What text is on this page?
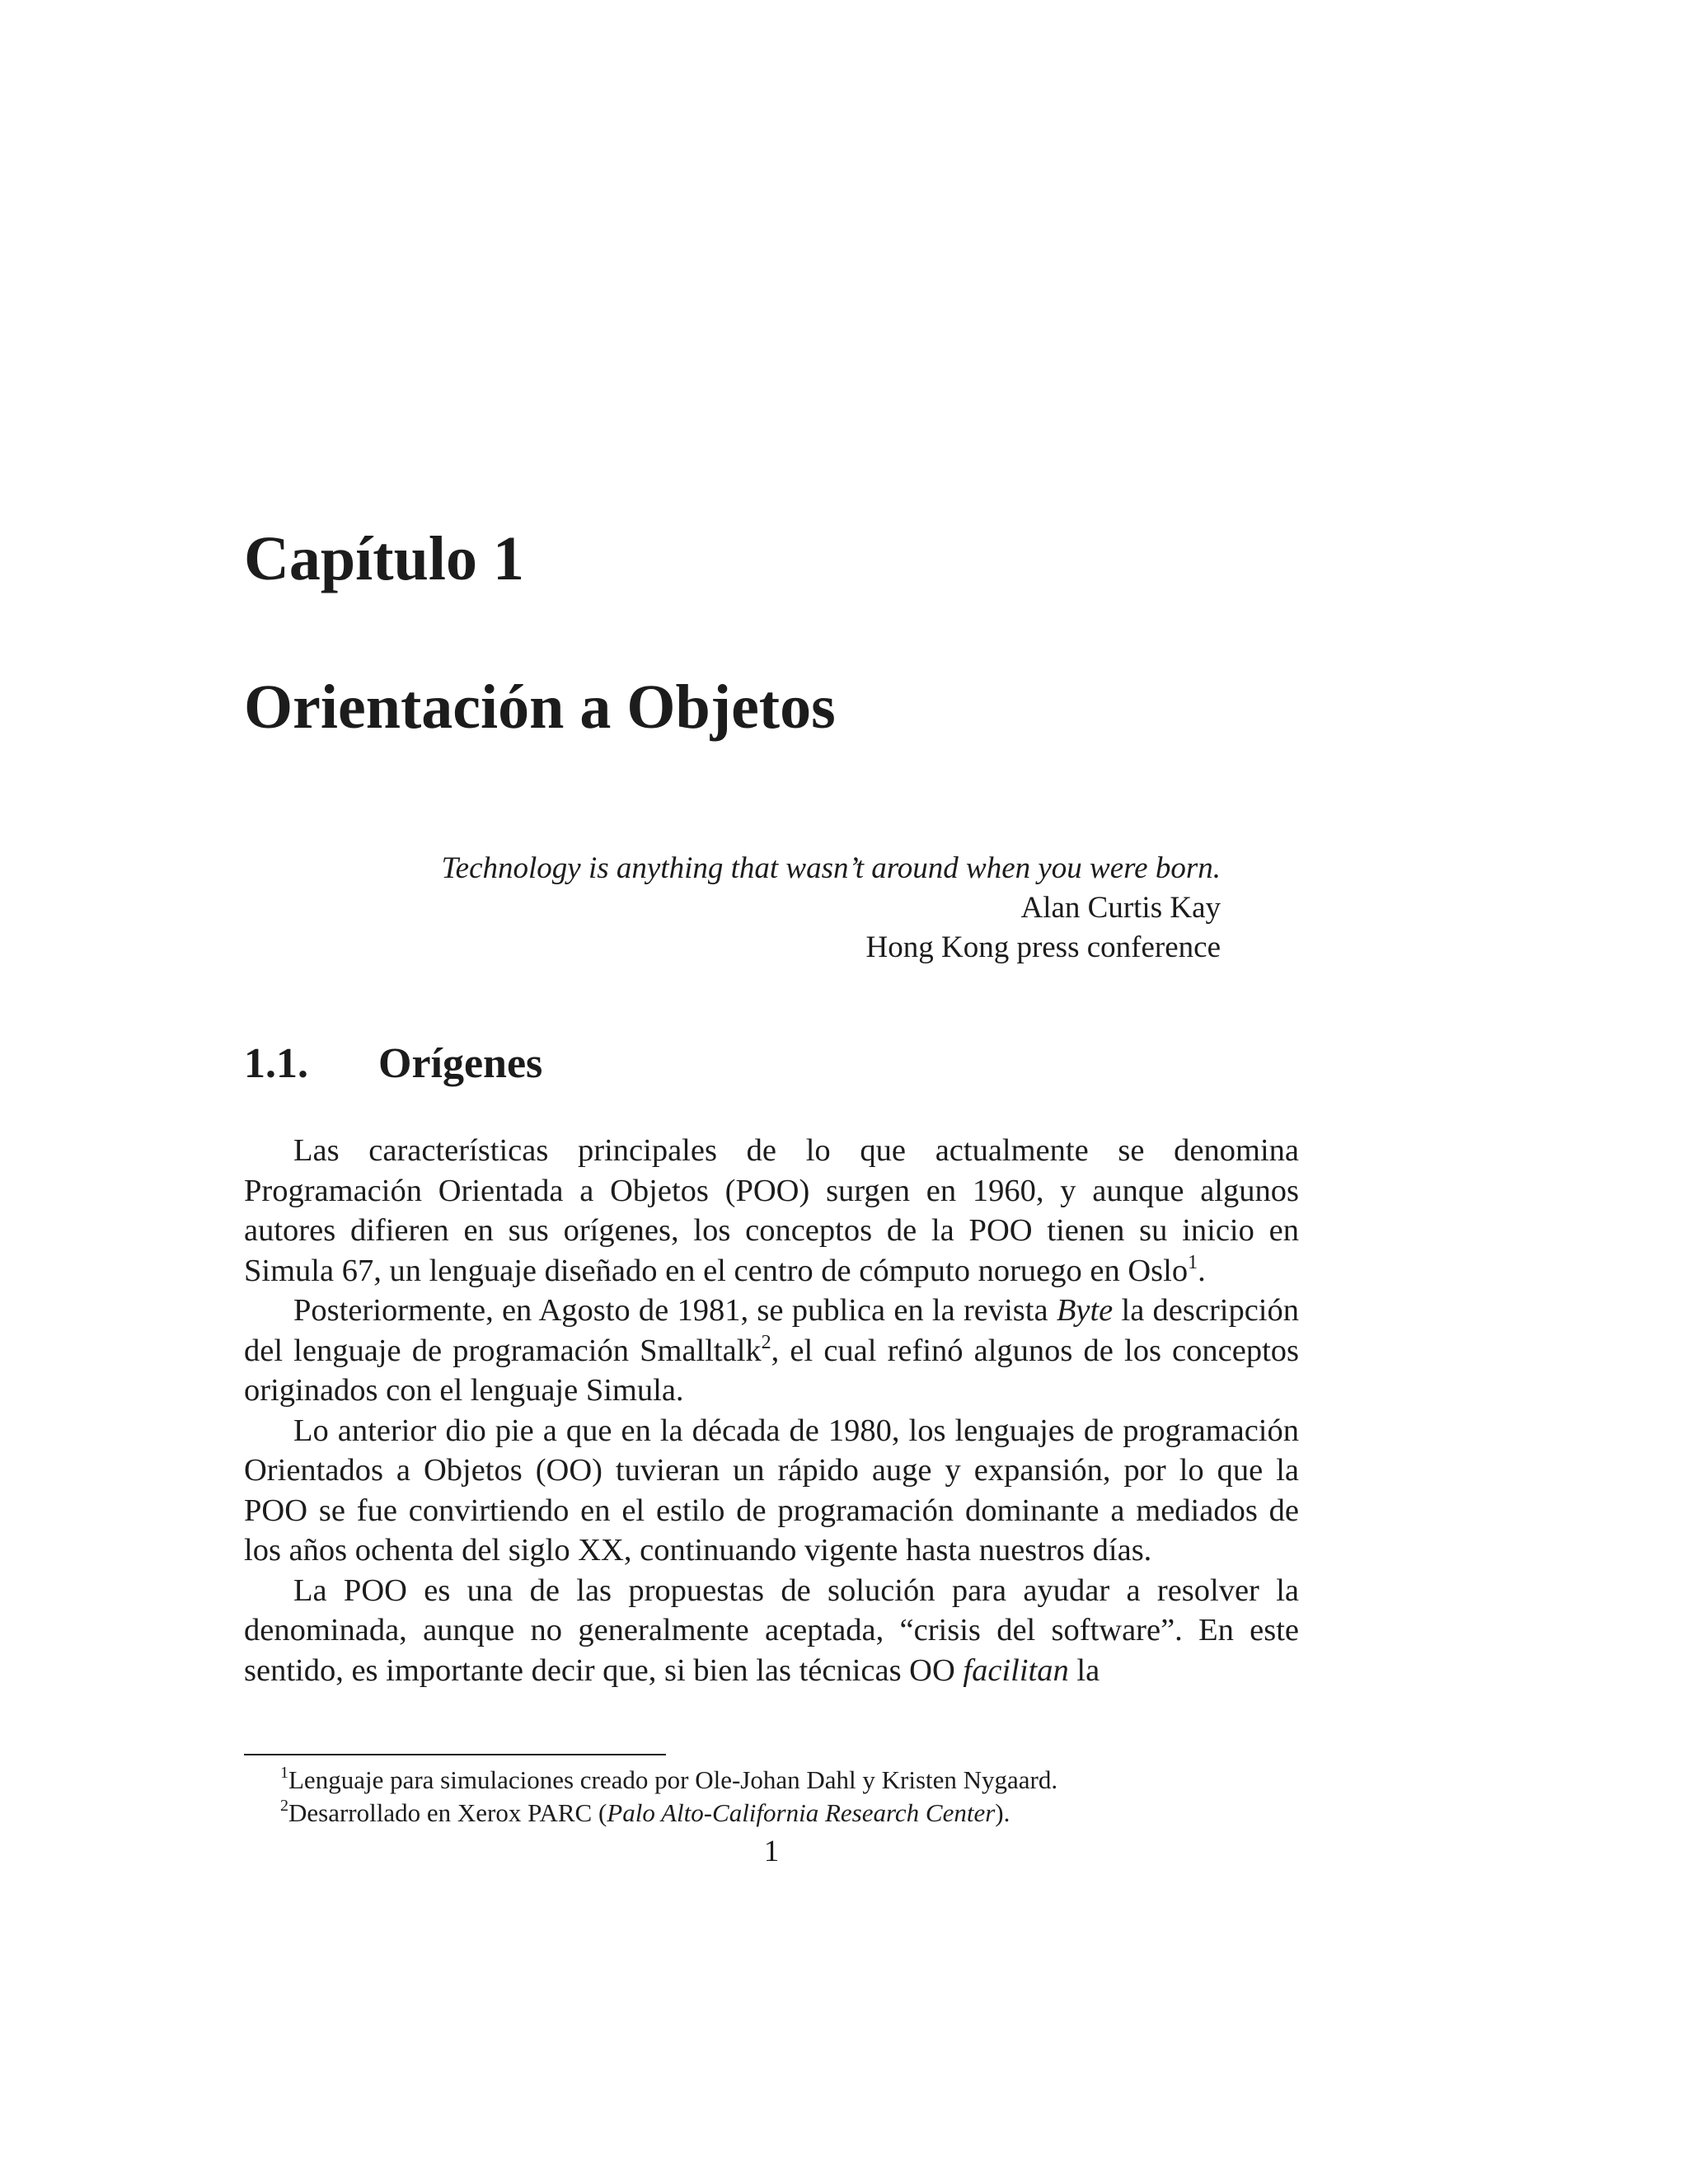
Capítulo 1
Orientación a Objetos
Technology is anything that wasn’t around when you were born.
Alan Curtis Kay
Hong Kong press conference
1.1. Orígenes

Las características principales de lo que actualmente se denomina Programación Orientada a Objetos (POO) surgen en 1960, y aunque algunos autores difieren en sus orígenes, los conceptos de la POO tienen su inicio en Simula 67, un lenguaje diseñado en el centro de cómputo noruego en Oslo$^1$.

Posteriormente, en Agosto de 1981, se publica en la revista Byte la descripción del lenguaje de programación Smalltalk$^2$, el cual refinó algunos de los conceptos originados con el lenguaje Simula.

Lo anterior dio pie a que en la década de 1980, los lenguajes de programación Orientados a Objetos (OO) tuvieran un rápido auge y expansión, por lo que la POO se fue convirtiendo en el estilo de programación dominante a mediados de los años ochenta del siglo XX, continuando vigente hasta nuestros días.

La POO es una de las propuestas de solución para ayudar a resolver la denominada, aunque no generalmente aceptada, “crisis del software”. En este sentido, es importante decir que, si bien las técnicas OO facilitan la

$^1$Lenguaje para simulaciones creado por Ole-Johan Dahl y Kristen Nygaard.
$^2$Desarrollado en Xerox PARC (Palo Alto-California Research Center).
1
